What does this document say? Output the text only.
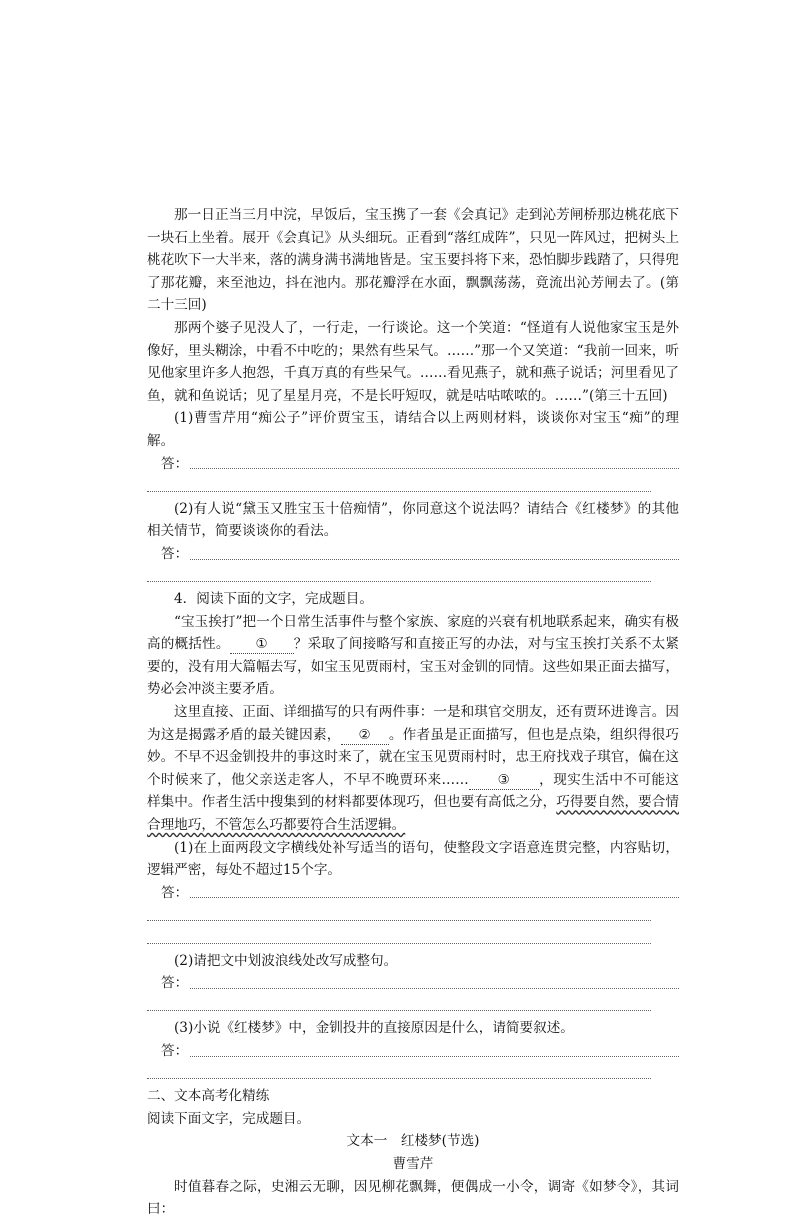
那一日正当三月中浣，早饭后，宝玉携了一套《会真记》走到沁芳闸桥那边桃花底下一块石上坐着。展开《会真记》从头细玩。正看到“落红成阵”，只见一阵风过，把树头上桃花吹下一大半来，落的满身满书满地皆是。宝玉要抖将下来，恐怕脚步践踏了，只得兜了那花瓣，来至池边，抖在池内。那花瓣浮在水面，飘飘荡荡，竟流出沁芳闸去了。(第二十三回)

那两个婆子见没人了，一行走，一行谈论。这一个笑道：“怪道有人说他家宝玉是外像好，里头糊涂，中看不中吃的；果然有些呆气。……”那一个又笑道：“我前一回来，听见他家里许多人抱怨，千真万真的有些呆气。……看见燕子，就和燕子说话；河里看见了鱼，就和鱼说话；见了星星月亮，不是长吁短叹，就是咕咕哝哝的。……”(第三十五回)

(1)曹雪芹用“痴公子”评价贾宝玉，请结合以上两则材料，谈谈你对宝玉“痴”的理解。

答：

(2)有人说“黛玉又胜宝玉十倍痴情”，你同意这个说法吗？请结合《红楼梦》的其他相关情节，简要谈谈你的看法。

答：

4．阅读下面的文字，完成题目。

“宝玉挨打”把一个日常生活事件与整个家族、家庭的兴衰有机地联系起来，确实有极高的概括性。 ① ？采取了间接略写和直接正写的办法，对与宝玉挨打关系不太紧要的，没有用大篇幅去写，如宝玉见贾雨村，宝玉对金钏的同情。这些如果正面去描写，势必会冲淡主要矛盾。

这里直接、正面、详细描写的只有两件事：一是和琪官交朋友，还有贾环进谗言。因为这是揭露矛盾的最关键因素， ② 。作者虽是正面描写，但也是点染，组织得很巧妙。不早不迟金钏投井的事这时来了，就在宝玉见贾雨村时，忠王府找戏子琪官，偏在这个时候来了，他父亲送走客人，不早不晚贾环来…… ③ ，现实生活中不可能这样集中。作者生活中搜集到的材料都要体现巧，但也要有高低之分，巧得要自然，要合情合理地巧，不管怎么巧都要符合生活逻辑。

(1)在上面两段文字横线处补写适当的语句，使整段文字语意连贯完整，内容贴切，逻辑严密，每处不超过15个字。

答：

(2)请把文中划波浪线处改写成整句。

答：

(3)小说《红楼梦》中，金钏投井的直接原因是什么，请简要叙述。

答：

二、文本高考化精练

阅读下面文字，完成题目。

文本一　红楼梦(节选)

曹雪芹

时值暮春之际，史湘云无聊，因见柳花飘舞，便偶成一小令，调寄《如梦令》，其词曰：
